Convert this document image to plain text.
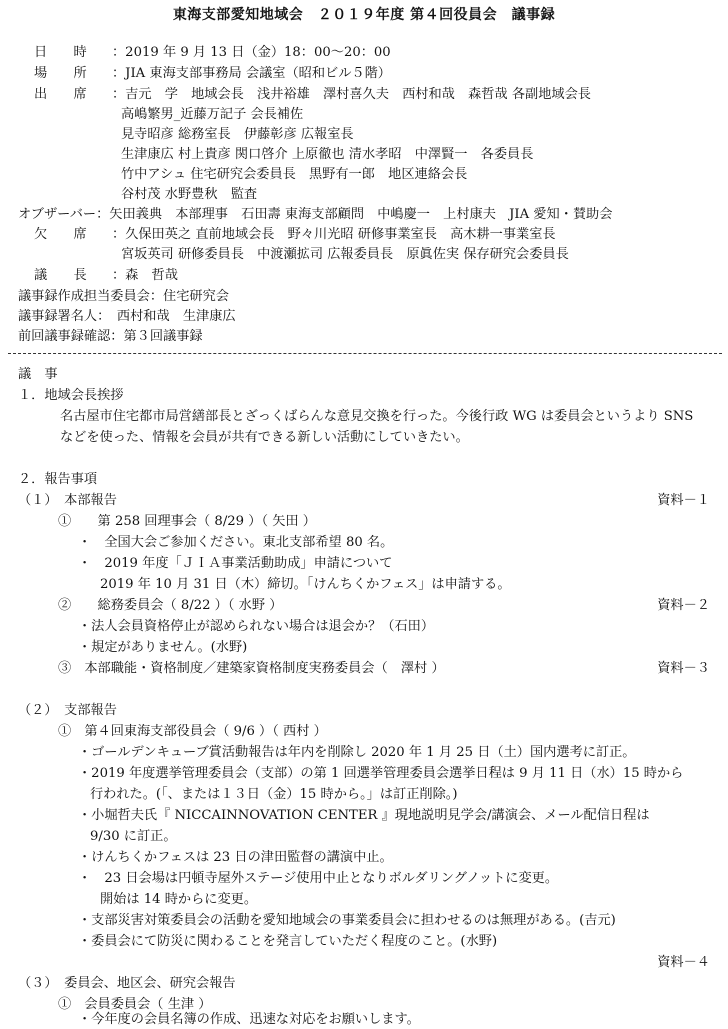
東海支部愛知地域会　２０１９年度 第４回役員会　議事録
日　　時 ：2019 年 9 月 13 日（金）18：00〜20：00
場　　所 ：JIA 東海支部事務局 会議室（昭和ビル５階）
出　　席 ：吉元　学　地域会長　浅井裕雄　澤村喜久夫　西村和哉　森哲哉 各副地域会長
高嶋繁男_近藤万記子 会長補佐
見寺昭彦 総務室長　伊藤彰彦 広報室長
生津康広 村上貴彦 関口啓介 上原徹也 清水孝昭　中澤賢一　各委員長
竹中アシュ 住宅研究会委員長　黒野有一郎　地区連絡会長
谷村茂 水野豊秋　監査
オブザーバー：矢田義典　本部理事　石田壽 東海支部顧問　中嶋慶一　上村康夫　JIA 愛知・賛助会
欠　　席 ：久保田英之 直前地域会長　野々川光昭 研修事業室長　高木耕一事業室長
宮坂英司 研修委員長　中渡瀬拡司 広報委員長　原眞佐実 保存研究会委員長
議　　長 ：森　哲哉
議事録作成担当委員会：住宅研究会
議事録署名人：　西村和哉　生津康広
前回議事録確認：第３回議事録
議　事
１．地域会長挨拶
名古屋市住宅都市局営繕部長とざっくばらんな意見交換を行った。今後行政 WG は委員会というより SNS
などを使った、情報を会員が共有できる新しい活動にしていきたい。
２．報告事項
（１）　本部報告	資料－１
①　　第 258 回理事会（ 8/29 ）（ 矢田 ）
・　全国大会ご参加ください。東北支部希望 80 名。
・　2019 年度「ＪＩＡ事業活動助成」申請について
2019 年 10 月 31 日（木）締切。「けんちくかフェス」は申請する。
②　　総務委員会（ 8/22 ）（ 水野 ）	資料－２
・法人会員資格停止が認められない場合は退会か？（石田）
・規定がありません。(水野)
③　本部職能・資格制度／建築家資格制度実務委員会（　澤村 ）	資料－３
（２）　支部報告
①　第４回東海支部役員会（ 9/6 ）（ 西村 ）
・ゴールデンキューブ賞活動報告は年内を削除し 2020 年 1 月 25 日（土）国内選考に訂正。
・2019 年度選挙管理委員会（支部）の第 1 回選挙管理委員会選挙日程は 9 月 11 日（水）15 時から
行われた。(「、または１３日（金）15 時から。」は訂正削除。)
・小堀哲夫氏『 NICCAINNOVATION CENTER 』現地説明見学会/講演会、メール配信日程は
9/30 に訂正。
・けんちくかフェスは 23 日の津田監督の講演中止。
・　23 日会場は円頓寺屋外ステージ使用中止となりボルダリングノットに変更。
開始は 14 時からに変更。
・支部災害対策委員会の活動を愛知地域会の事業委員会に担わせるのは無理がある。(吉元)
・委員会にて防災に関わることを発言していただく程度のこと。(水野)
資料－４
（３）　委員会、地区会、研究会報告
①　会員委員会（ 生津 ）
・今年度の会員名簿の作成、迅速な対応をお願いします。
